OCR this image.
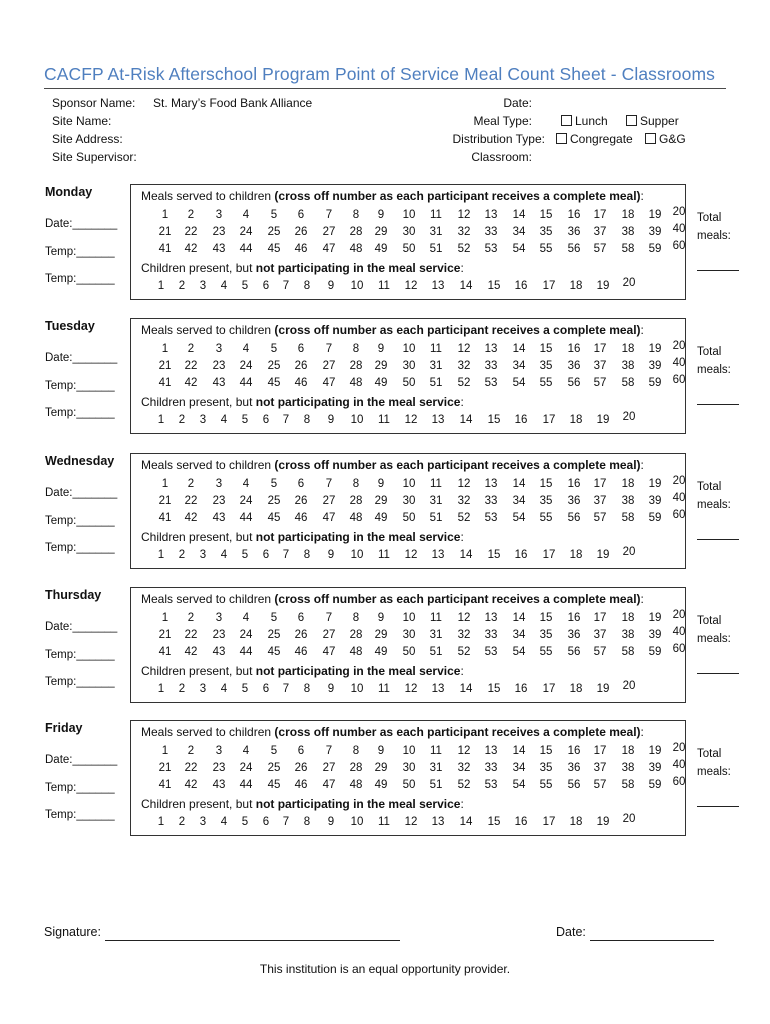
CACFP At-Risk Afterschool Program Point of Service Meal Count Sheet - Classrooms
Sponsor Name: St. Mary’s Food Bank Alliance
Site Name:
Site Address:
Site Supervisor:
Date:
Meal Type:	Lunch	Supper
Distribution Type:	Congregate	G&G
Classroom:
Monday
Date:_______
Temp:______
Temp:______
Meals served to children (cross off number as each participant receives a complete meal):
1	2	3	4	5	6	7	8	9	10	11	12	13	14	15	16	17	18	19 20
21	22	23	24	25	26	27	28	29	30	31	32	33	34	35	36	37	38	39 40
41	42	43	44	45	46	47	48	49	50	51	52	53	54	55	56	57	58	59 60
Children present, but not participating in the meal service:
1	2	3	4	5	6	7	8	9	10	11	12	13	14	15	16	17	18	19	20
Total
meals:
Tuesday
Date:_______
Temp:______
Temp:______
Meals served to children (cross off number as each participant receives a complete meal):
1	2	3	4	5	6	7	8	9	10	11	12	13	14	15	16	17	18	19 20
21	22	23	24	25	26	27	28	29	30	31	32	33	34	35	36	37	38	39 40
41	42	43	44	45	46	47	48	49	50	51	52	53	54	55	56	57	58	59 60
Children present, but not participating in the meal service:
1	2	3	4	5	6	7	8	9	10	11	12	13	14	15	16	17	18	19	20
Total
meals:
Wednesday
Date:_______
Temp:______
Temp:______
Meals served to children (cross off number as each participant receives a complete meal):
1	2	3	4	5	6	7	8	9	10	11	12	13	14	15	16	17	18	19 20
21	22	23	24	25	26	27	28	29	30	31	32	33	34	35	36	37	38	39 40
41	42	43	44	45	46	47	48	49	50	51	52	53	54	55	56	57	58	59 60
Children present, but not participating in the meal service:
1	2	3	4	5	6	7	8	9	10	11	12	13	14	15	16	17	18	19	20
Total
meals:
Thursday
Date:_______
Temp:______
Temp:______
Meals served to children (cross off number as each participant receives a complete meal):
1	2	3	4	5	6	7	8	9	10	11	12	13	14	15	16	17	18	19 20
21	22	23	24	25	26	27	28	29	30	31	32	33	34	35	36	37	38	39 40
41	42	43	44	45	46	47	48	49	50	51	52	53	54	55	56	57	58	59 60
Children present, but not participating in the meal service:
1	2	3	4	5	6	7	8	9	10	11	12	13	14	15	16	17	18	19	20
Total
meals:
Friday
Date:_______
Temp:______
Temp:______
Meals served to children (cross off number as each participant receives a complete meal):
1	2	3	4	5	6	7	8	9	10	11	12	13	14	15	16	17	18	19 20
21	22	23	24	25	26	27	28	29	30	31	32	33	34	35	36	37	38	39 40
41	42	43	44	45	46	47	48	49	50	51	52	53	54	55	56	57	58	59 60
Children present, but not participating in the meal service:
1	2	3	4	5	6	7	8	9	10	11	12	13	14	15	16	17	18	19	20
Total
meals:
Signature:	Date:
This institution is an equal opportunity provider.
